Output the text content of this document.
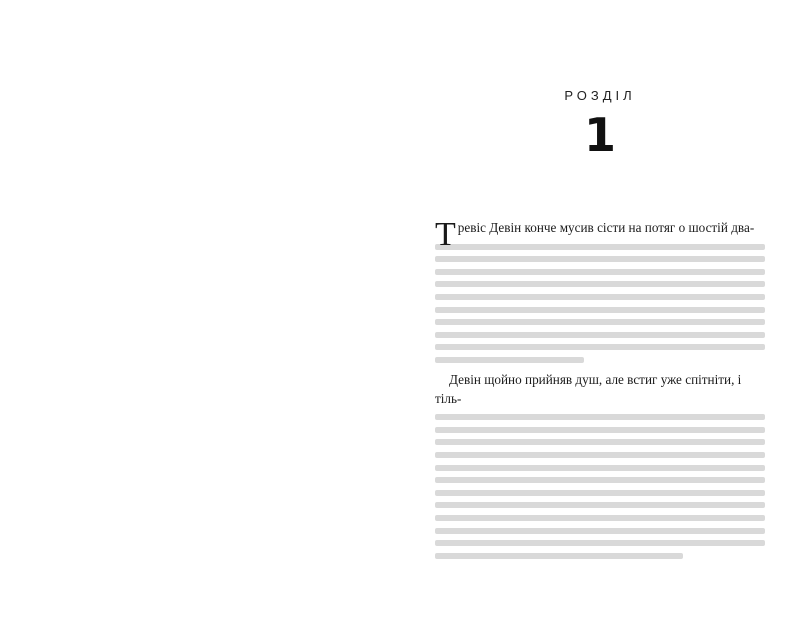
РОЗДІЛ
1

Тревіс Девін конче мусив сісти на потяг о шостій два-

Девін щойно прийняв душ, але встиг уже спітніти, і тіль-
